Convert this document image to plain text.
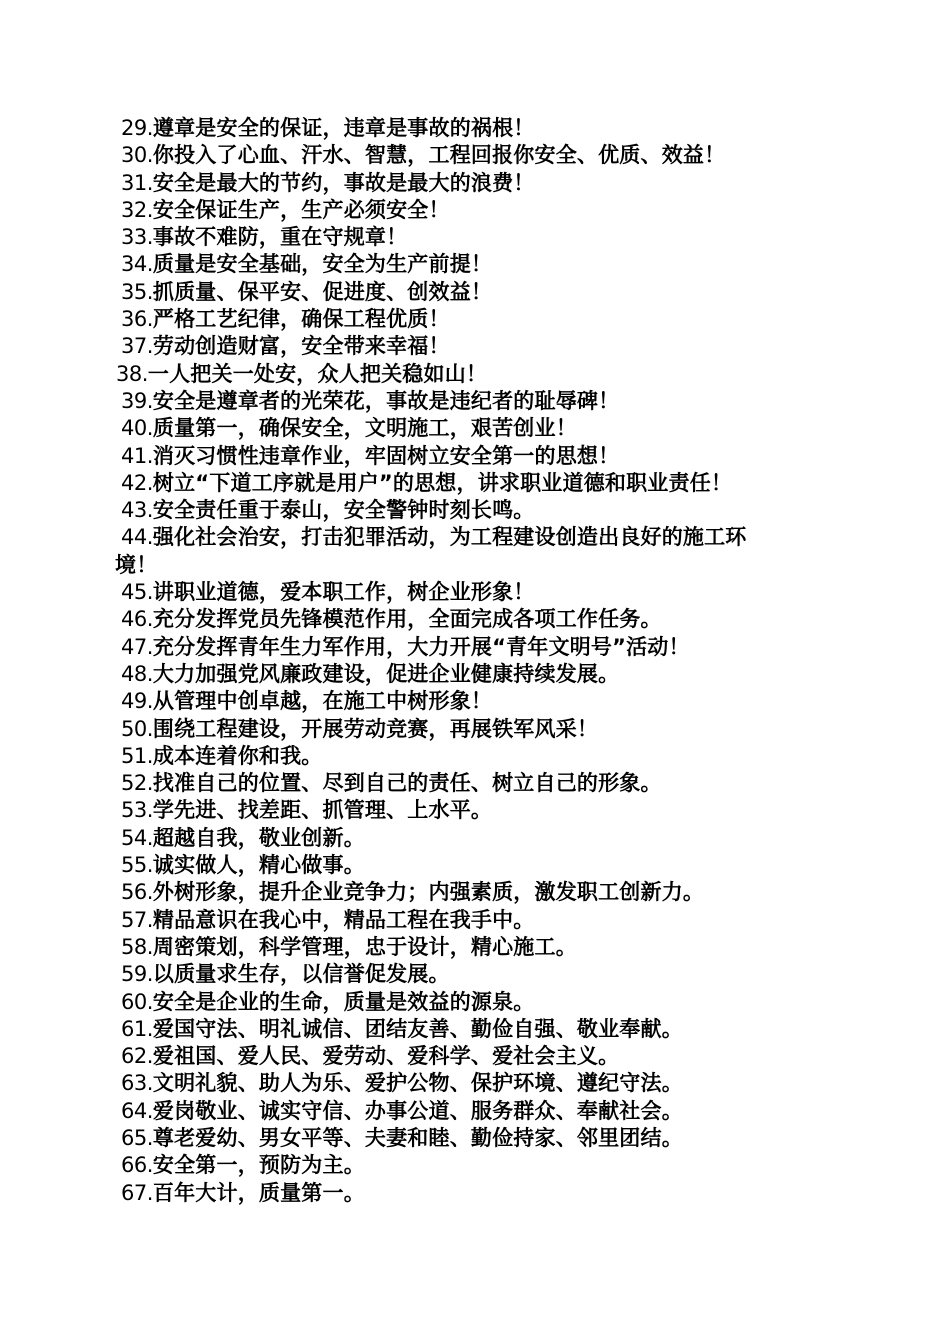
29.遵章是安全的保证，违章是事故的祸根！
30.你投入了心血、汗水、智慧，工程回报你安全、优质、效益！
31.安全是最大的节约，事故是最大的浪费！
32.安全保证生产，生产必须安全！
33.事故不难防，重在守规章！
34.质量是安全基础，安全为生产前提！
35.抓质量、保平安、促进度、创效益！
36.严格工艺纪律，确保工程优质！
37.劳动创造财富，安全带来幸福！
38.一人把关一处安，众人把关稳如山！
39.安全是遵章者的光荣花，事故是违纪者的耻辱碑！
40.质量第一，确保安全，文明施工，艰苦创业！
41.消灭习惯性违章作业，牢固树立安全第一的思想！
42.树立“下道工序就是用户”的思想，讲求职业道德和职业责任！
43.安全责任重于泰山，安全警钟时刻长鸣。
44.强化社会治安，打击犯罪活动，为工程建设创造出良好的施工环
境！
45.讲职业道德，爱本职工作，树企业形象！
46.充分发挥党员先锋模范作用，全面完成各项工作任务。
47.充分发挥青年生力军作用，大力开展“青年文明号”活动！
48.大力加强党风廉政建设，促进企业健康持续发展。
49.从管理中创卓越，在施工中树形象！
50.围绕工程建设，开展劳动竞赛，再展铁军风采！
51.成本连着你和我。
52.找准自己的位置、尽到自己的责任、树立自己的形象。
53.学先进、找差距、抓管理、上水平。
54.超越自我，敬业创新。
55.诚实做人，精心做事。
56.外树形象，提升企业竞争力；内强素质，激发职工创新力。
57.精品意识在我心中，精品工程在我手中。
58.周密策划，科学管理，忠于设计，精心施工。
59.以质量求生存，以信誉促发展。
60.安全是企业的生命，质量是效益的源泉。
61.爱国守法、明礼诚信、团结友善、勤俭自强、敬业奉献。
62.爱祖国、爱人民、爱劳动、爱科学、爱社会主义。
63.文明礼貌、助人为乐、爱护公物、保护环境、遵纪守法。
64.爱岗敬业、诚实守信、办事公道、服务群众、奉献社会。
65.尊老爱幼、男女平等、夫妻和睦、勤俭持家、邻里团结。
66.安全第一，预防为主。
67.百年大计，质量第一。
